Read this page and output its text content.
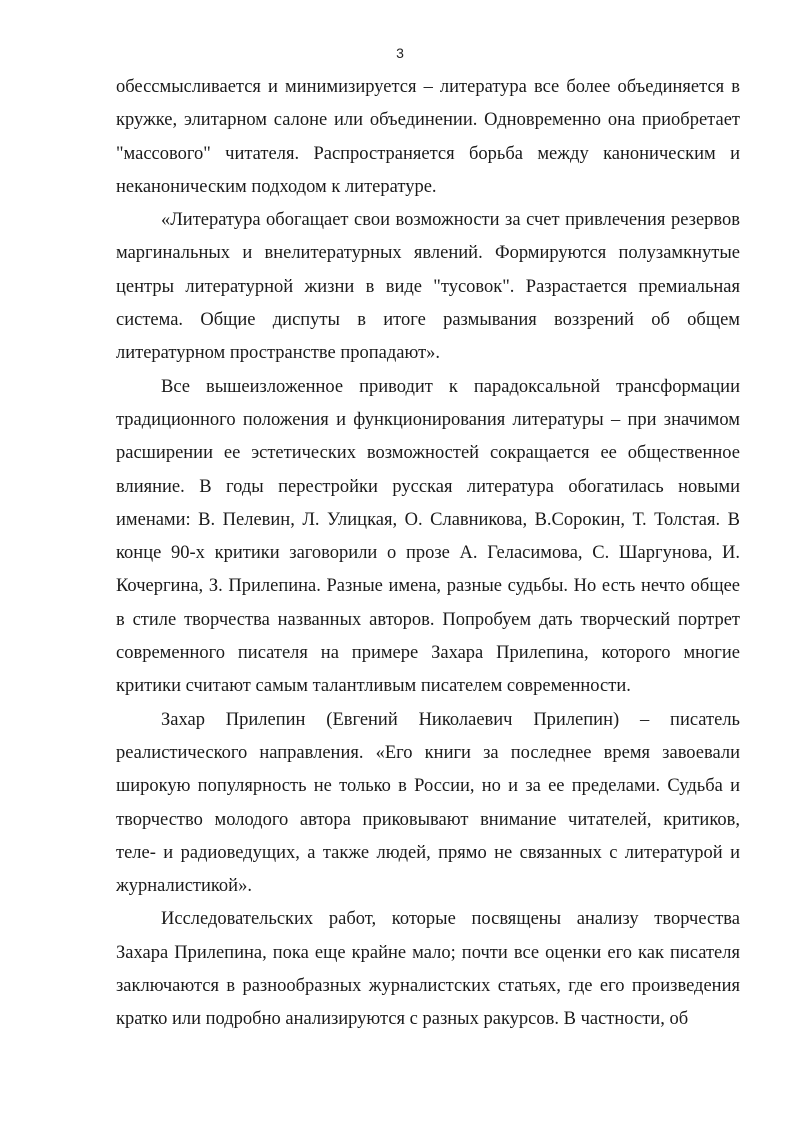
3

обессмысливается и минимизируется – литература все более объединяется в кружке, элитарном салоне или объединении. Одновременно она приобретает "массового" читателя. Распространяется борьба между каноническим и неканоническим подходом к литературе.

«Литература обогащает свои возможности за счет привлечения резервов маргинальных и внелитературных явлений. Формируются полузамкнутые центры литературной жизни в виде "тусовок". Разрастается премиальная система. Общие диспуты в итоге размывания воззрений об общем литературном пространстве пропадают».

Все вышеизложенное приводит к парадоксальной трансформации традиционного положения и функционирования литературы – при значимом расширении ее эстетических возможностей сокращается ее общественное влияние. В годы перестройки русская литература обогатилась новыми именами: В. Пелевин, Л. Улицкая, О. Славникова, В.Сорокин, Т. Толстая. В конце 90-х критики заговорили о прозе А. Геласимова, С. Шаргунова, И. Кочергина, З. Прилепина. Разные имена, разные судьбы. Но есть нечто общее в стиле творчества названных авторов. Попробуем дать творческий портрет современного писателя на примере Захара Прилепина, которого многие критики считают самым талантливым писателем современности.

Захар Прилепин (Евгений Николаевич Прилепин) – писатель реалистического направления. «Его книги за последнее время завоевали широкую популярность не только в России, но и за ее пределами. Судьба и творчество молодого автора приковывают внимание читателей, критиков, теле- и радиоведущих, а также людей, прямо не связанных с литературой и журналистикой».

Исследовательских работ, которые посвящены анализу творчества Захара Прилепина, пока еще крайне мало; почти все оценки его как писателя заключаются в разнообразных журналистских статьях, где его произведения кратко или подробно анализируются с разных ракурсов. В частности, об
